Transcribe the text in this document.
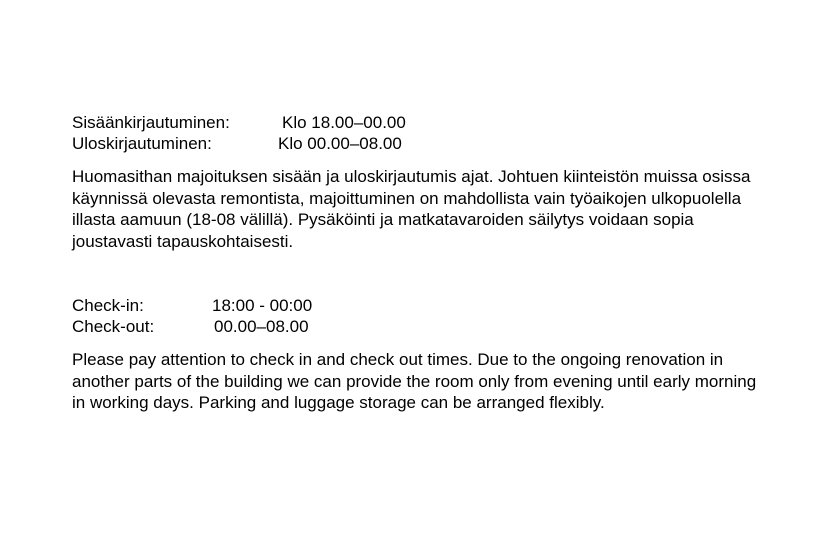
Sisäänkirjautuminen:	Klo 18.00–00.00
Uloskirjautuminen:	Klo 00.00–08.00

Huomasithan majoituksen sisään ja uloskirjautumis ajat. Johtuen kiinteistön muissa osissa käynnissä olevasta remontista, majoittuminen on mahdollista vain työaikojen ulkopuolella illasta aamuun (18-08 välillä). Pysäköinti ja matkatavaroiden säilytys voidaan sopia joustavasti tapauskohtaisesti.

Check-in:	18:00 - 00:00
Check-out:	00.00–08.00

Please pay attention to check in and check out times. Due to the ongoing renovation in another parts of the building we can provide the room only from evening until early morning in working days. Parking and luggage storage can be arranged flexibly.
